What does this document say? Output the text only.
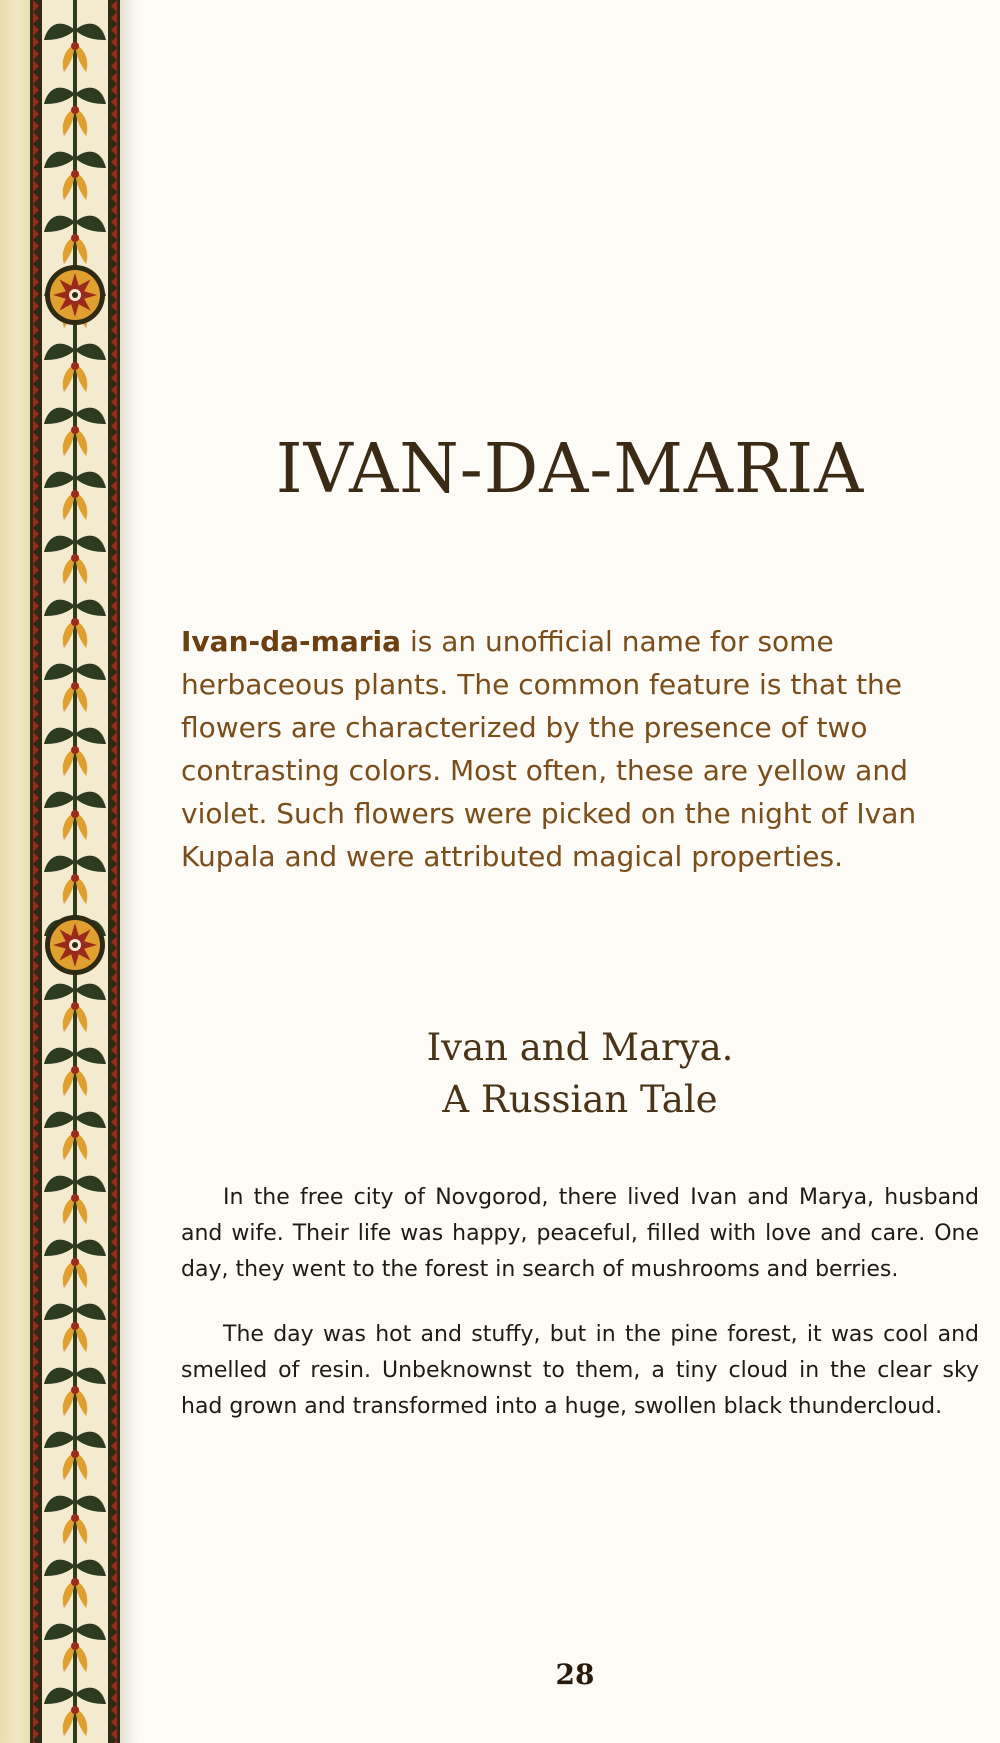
IVAN-DA-MARIA

Ivan-da-maria is an unofficial name for some herbaceous plants. The common feature is that the flowers are characterized by the presence of two contrasting colors. Most often, these are yellow and violet. Such flowers were picked on the night of Ivan Kupala and were attributed magical properties.

Ivan and Marya.
A Russian Tale

In the free city of Novgorod, there lived Ivan and Marya, husband and wife. Their life was happy, peaceful, filled with love and care. One day, they went to the forest in search of mushrooms and berries.

The day was hot and stuffy, but in the pine forest, it was cool and smelled of resin. Unbeknownst to them, a tiny cloud in the clear sky had grown and transformed into a huge, swollen black thundercloud.

28
